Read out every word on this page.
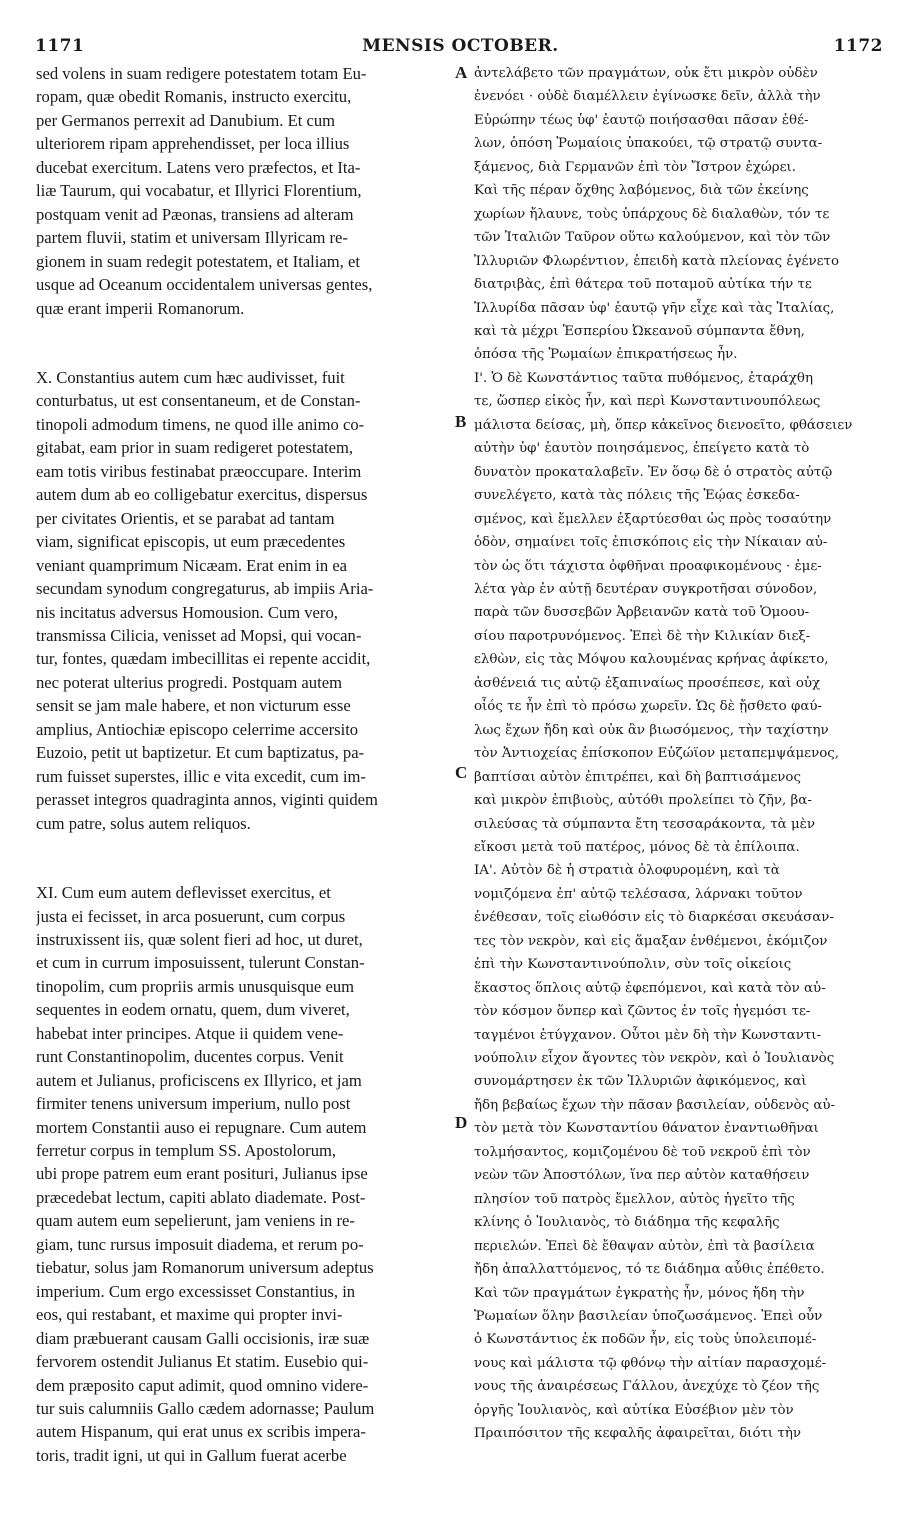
1171	MENSIS OCTOBER.	1172
A
B
C
D
sed volens in suam redigere potestatem totam Eu-
ropam, quæ obedit Romanis, instructo exercitu,
per Germanos perrexit ad Danubium. Et cum
ulteriorem ripam apprehendisset, per loca illius
ducebat exercitum. Latens vero præfectos, et Ita-
liæ Taurum, qui vocabatur, et Illyrici Florentium,
postquam venit ad Pæonas, transiens ad alteram
partem fluvii, statim et universam Illyricam re-
gionem in suam redegit potestatem, et Italiam, et
usque ad Oceanum occidentalem universas gentes,
quæ erant imperii Romanorum.
X. Constantius autem cum hæc audivisset, fuit
conturbatus, ut est consentaneum, et de Constan-
tinopoli admodum timens, ne quod ille animo co-
gitabat, eam prior in suam redigeret potestatem,
eam totis viribus festinabat præoccupare. Interim
autem dum ab eo colligebatur exercitus, dispersus
per civitates Orientis, et se parabat ad tantam
viam, significat episcopis, ut eum præcedentes
veniant quamprimum Nicæam. Erat enim in ea
secundam synodum congregaturus, ab impiis Aria-
nis incitatus adversus Homousion. Cum vero,
transmissa Cilicia, venisset ad Mopsi, qui vocan-
tur, fontes, quædam imbecillitas ei repente accidit,
nec poterat ulterius progredi. Postquam autem
sensit se jam male habere, et non victurum esse
amplius, Antiochiæ episcopo celerrime accersito
Euzoio, petit ut baptizetur. Et cum baptizatus, pa-
rum fuisset superstes, illic e vita excedit, cum im-
perasset integros quadraginta annos, viginti quidem
cum patre, solus autem reliquos.
XI. Cum eum autem deflevisset exercitus, et
justa ei fecisset, in arca posuerunt, cum corpus
instruxissent iis, quæ solent fieri ad hoc, ut duret,
et cum in currum imposuissent, tulerunt Constan-
tinopolim, cum propriis armis unusquisque eum
sequentes in eodem ornatu, quem, dum viveret,
habebat inter principes. Atque ii quidem vene-
runt Constantinopolim, ducentes corpus. Venit
autem et Julianus, proficiscens ex Illyrico, et jam
firmiter tenens universum imperium, nullo post
mortem Constantii auso ei repugnare. Cum autem
ferretur corpus in templum SS. Apostolorum,
ubi prope patrem eum erant posituri, Julianus ipse
præcedebat lectum, capiti ablato diademate. Post-
quam autem eum sepelierunt, jam veniens in re-
giam, tunc rursus imposuit diadema, et rerum po-
tiebatur, solus jam Romanorum universum adeptus
imperium. Cum ergo excessisset Constantius, in
eos, qui restabant, et maxime qui propter invi-
diam præbuerant causam Galli occisionis, iræ suæ
fervorem ostendit Julianus Et statim. Eusebio qui-
dem præposito caput adimit, quod omnino videre-
tur suis calumniis Gallo cædem adornasse; Paulum
autem Hispanum, qui erat unus ex scribis impera-
toris, tradit igni, ut qui in Gallum fuerat acerbe
ἀντελάβετο τῶν πραγμάτων, οὐκ ἔτι μικρὸν οὐδὲν
ἐνενόει · οὐδὲ διαμέλλειν ἐγίνωσκε δεῖν, ἀλλὰ τὴν
Εὐρώπην τέως ὑφ' ἑαυτῷ ποιήσασθαι πᾶσαν ἐθέ-
λων, ὁπόση Ῥωμαίοις ὑπακούει, τῷ στρατῷ συντα-
ξάμενος, διὰ Γερμανῶν ἐπὶ τὸν Ἴστρον ἐχώρει.
Καὶ τῆς πέραν ὄχθης λαβόμενος, διὰ τῶν ἐκείνης
χωρίων ἤλαυνε, τοὺς ὑπάρχους δὲ διαλαθὼν, τόν τε
τῶν Ἰταλιῶν Ταῦρον οὕτω καλούμενον, καὶ τὸν τῶν
Ἰλλυριῶν Φλωρέντιον, ἐπειδὴ κατὰ πλείονας ἐγένετο
διατριβὰς, ἐπὶ θάτερα τοῦ ποταμοῦ αὐτίκα τήν τε
Ἰλλυρίδα πᾶσαν ὑφ' ἑαυτῷ γῆν εἶχε καὶ τὰς Ἰταλίας,
καὶ τὰ μέχρι Ἑσπερίου Ὠκεανοῦ σύμπαντα ἔθνη,
ὁπόσα τῆς Ῥωμαίων ἐπικρατήσεως ἦν.
Ι'. Ὁ δὲ Κωνστάντιος ταῦτα πυθόμενος, ἐταράχθη
τε, ὥσπερ εἰκὸς ἦν, καὶ περὶ Κωνσταντινουπόλεως
μάλιστα δείσας, μὴ, ὅπερ κἀκεῖνος διενοεῖτο, φθάσειεν
αὐτὴν ὑφ' ἑαυτὸν ποιησάμενος, ἐπείγετο κατὰ τὸ
δυνατὸν προκαταλαβεῖν. Ἐν ὅσῳ δὲ ὁ στρατὸς αὐτῷ
συνελέγετο, κατὰ τὰς πόλεις τῆς Ἑῴας ἐσκεδα-
σμένος, καὶ ἔμελλεν ἐξαρτύεσθαι ὡς πρὸς τοσαύτην
ὁδὸν, σημαίνει τοῖς ἐπισκόποις εἰς τὴν Νίκαιαν αὐ-
τὸν ὡς ὅτι τάχιστα ὀφθῆναι προαφικομένους · ἐμε-
λέτα γὰρ ἐν αὐτῇ δευτέραν συγκροτῆσαι σύνοδον,
παρὰ τῶν δυσσεβῶν Ἀρβειανῶν κατὰ τοῦ Ὁμοου-
σίου παροτρυνόμενος. Ἐπεὶ δὲ τὴν Κιλικίαν διεξ-
ελθὼν, εἰς τὰς Μόψου καλουμένας κρήνας ἀφίκετο,
ἀσθένειά τις αὐτῷ ἐξαπιναίως προσέπεσε, καὶ οὐχ
οἷός τε ἦν ἐπὶ τὸ πρόσω χωρεῖν. Ὡς δὲ ᾔσθετο φαύ-
λως ἔχων ἤδη καὶ οὐκ ἂν βιωσόμενος, τὴν ταχίστην
τὸν Ἀντιοχείας ἐπίσκοπον Εὐζώϊον μεταπεμψάμενος,
βαπτίσαι αὐτὸν ἐπιτρέπει, καὶ δὴ βαπτισάμενος
καὶ μικρὸν ἐπιβιοὺς, αὐτόθι προλείπει τὸ ζῆν, βα-
σιλεύσας τὰ σύμπαντα ἔτη τεσσαράκοντα, τὰ μὲν
εἴκοσι μετὰ τοῦ πατέρος, μόνος δὲ τὰ ἐπίλοιπα.
ΙΑ'. Αὐτὸν δὲ ἡ στρατιὰ ὀλοφυρομένη, καὶ τὰ
νομιζόμενα ἐπ' αὐτῷ τελέσασα, λάρνακι τοῦτον
ἐνέθεσαν, τοῖς εἰωθόσιν εἰς τὸ διαρκέσαι σκευάσαν-
τες τὸν νεκρὸν, καὶ εἰς ἅμαξαν ἐνθέμενοι, ἐκόμιζον
ἐπὶ τὴν Κωνσταντινούπολιν, σὺν τοῖς οἰκείοις
ἕκαστος ὅπλοις αὐτῷ ἑφεπόμενοι, καὶ κατὰ τὸν αὐ-
τὸν κόσμον ὅνπερ καὶ ζῶντος ἐν τοῖς ἡγεμόσι τε-
ταγμένοι ἐτύγχανον. Οὗτοι μὲν δὴ τὴν Κωνσταντι-
νούπολιν εἶχον ἄγοντες τὸν νεκρὸν, καὶ ὁ Ἰουλιανὸς
συνομάρτησεν ἐκ τῶν Ἰλλυριῶν ἀφικόμενος, καὶ
ἤδη βεβαίως ἔχων τὴν πᾶσαν βασιλείαν, οὐδενὸς αὐ-
τὸν μετὰ τὸν Κωνσταντίου θάνατον ἐναντιωθῆναι
τολμήσαντος, κομιζομένου δὲ τοῦ νεκροῦ ἐπὶ τὸν
νεὼν τῶν Ἀποστόλων, ἵνα περ αὐτὸν καταθήσειν
πλησίον τοῦ πατρὸς ἔμελλον, αὐτὸς ἡγεῖτο τῆς
κλίνης ὁ Ἰουλιανὸς, τὸ διάδημα τῆς κεφαλῆς
περιελών. Ἐπεὶ δὲ ἔθαψαν αὐτὸν, ἐπὶ τὰ βασίλεια
ἤδη ἀπαλλαττόμενος, τό τε διάδημα αὖθις ἐπέθετο.
Καὶ τῶν πραγμάτων ἐγκρατὴς ἦν, μόνος ἤδη τὴν
Ῥωμαίων ὅλην βασιλείαν ὑποζωσάμενος. Ἐπεὶ οὖν
ὁ Κωνστάντιος ἐκ ποδῶν ἦν, εἰς τοὺς ὑπολειπομέ-
νους καὶ μάλιστα τῷ φθόνῳ τὴν αἰτίαν παρασχομέ-
νους τῆς ἀναιρέσεως Γάλλου, ἀνεχύχε τὸ ζέον τῆς
ὀργῆς Ἰουλιανὸς, καὶ αὐτίκα Εὐσέβιον μὲν τὸν
Πραιπόσιτον τῆς κεφαλῆς ἀφαιρεῖται, διότι τὴν
